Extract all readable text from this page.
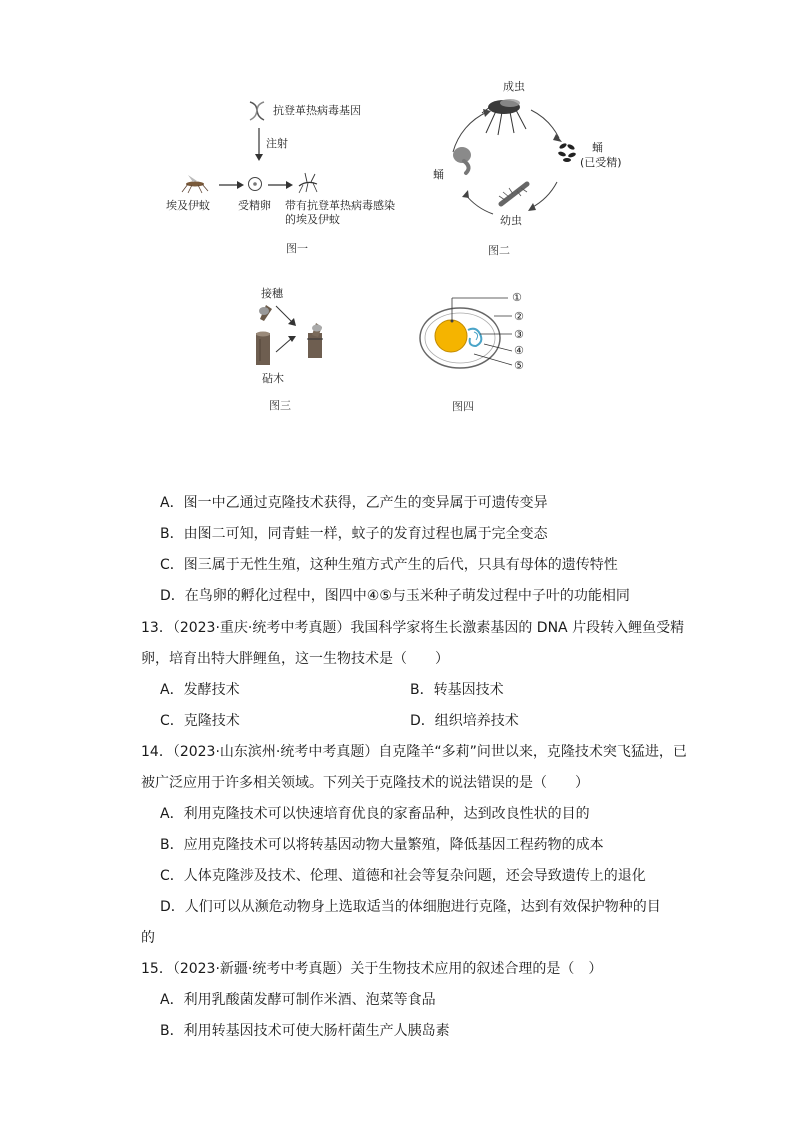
抗登革热病毒基因
注射
埃及伊蚊	受精卵 带有抗登革热病毒感染
的埃及伊蚊
图一
成虫
蛹
(已受精)
幼虫
蛹
图二
接穗
砧木
图三
①
②
③
④
⑤
图四
A．图一中乙通过克隆技术获得，乙产生的变异属于可遗传变异
B．由图二可知，同青蛙一样，蚊子的发育过程也属于完全变态
C．图三属于无性生殖，这种生殖方式产生的后代，只具有母体的遗传特性
D．在鸟卵的孵化过程中，图四中④⑤与玉米种子萌发过程中子叶的功能相同
13．（2023·重庆·统考中考真题）我国科学家将生长激素基因的 DNA 片段转入鲤鱼受精
卵，培育出特大胖鲤鱼，这一生物技术是（　　）
A．发酵技术	B．转基因技术
C．克隆技术	D．组织培养技术
14．（2023·山东滨州·统考中考真题）自克隆羊“多莉”问世以来，克隆技术突飞猛进，已
被广泛应用于许多相关领域。下列关于克隆技术的说法错误的是（　　）
A．利用克隆技术可以快速培育优良的家畜品种，达到改良性状的目的
B．应用克隆技术可以将转基因动物大量繁殖，降低基因工程药物的成本
C．人体克隆涉及技术、伦理、道德和社会等复杂问题，还会导致遗传上的退化
D．人们可以从濒危动物身上选取适当的体细胞进行克隆，达到有效保护物种的目
的
15．（2023·新疆·统考中考真题）关于生物技术应用的叙述合理的是（　）
A．利用乳酸菌发酵可制作米酒、泡菜等食品
B．利用转基因技术可使大肠杆菌生产人胰岛素
